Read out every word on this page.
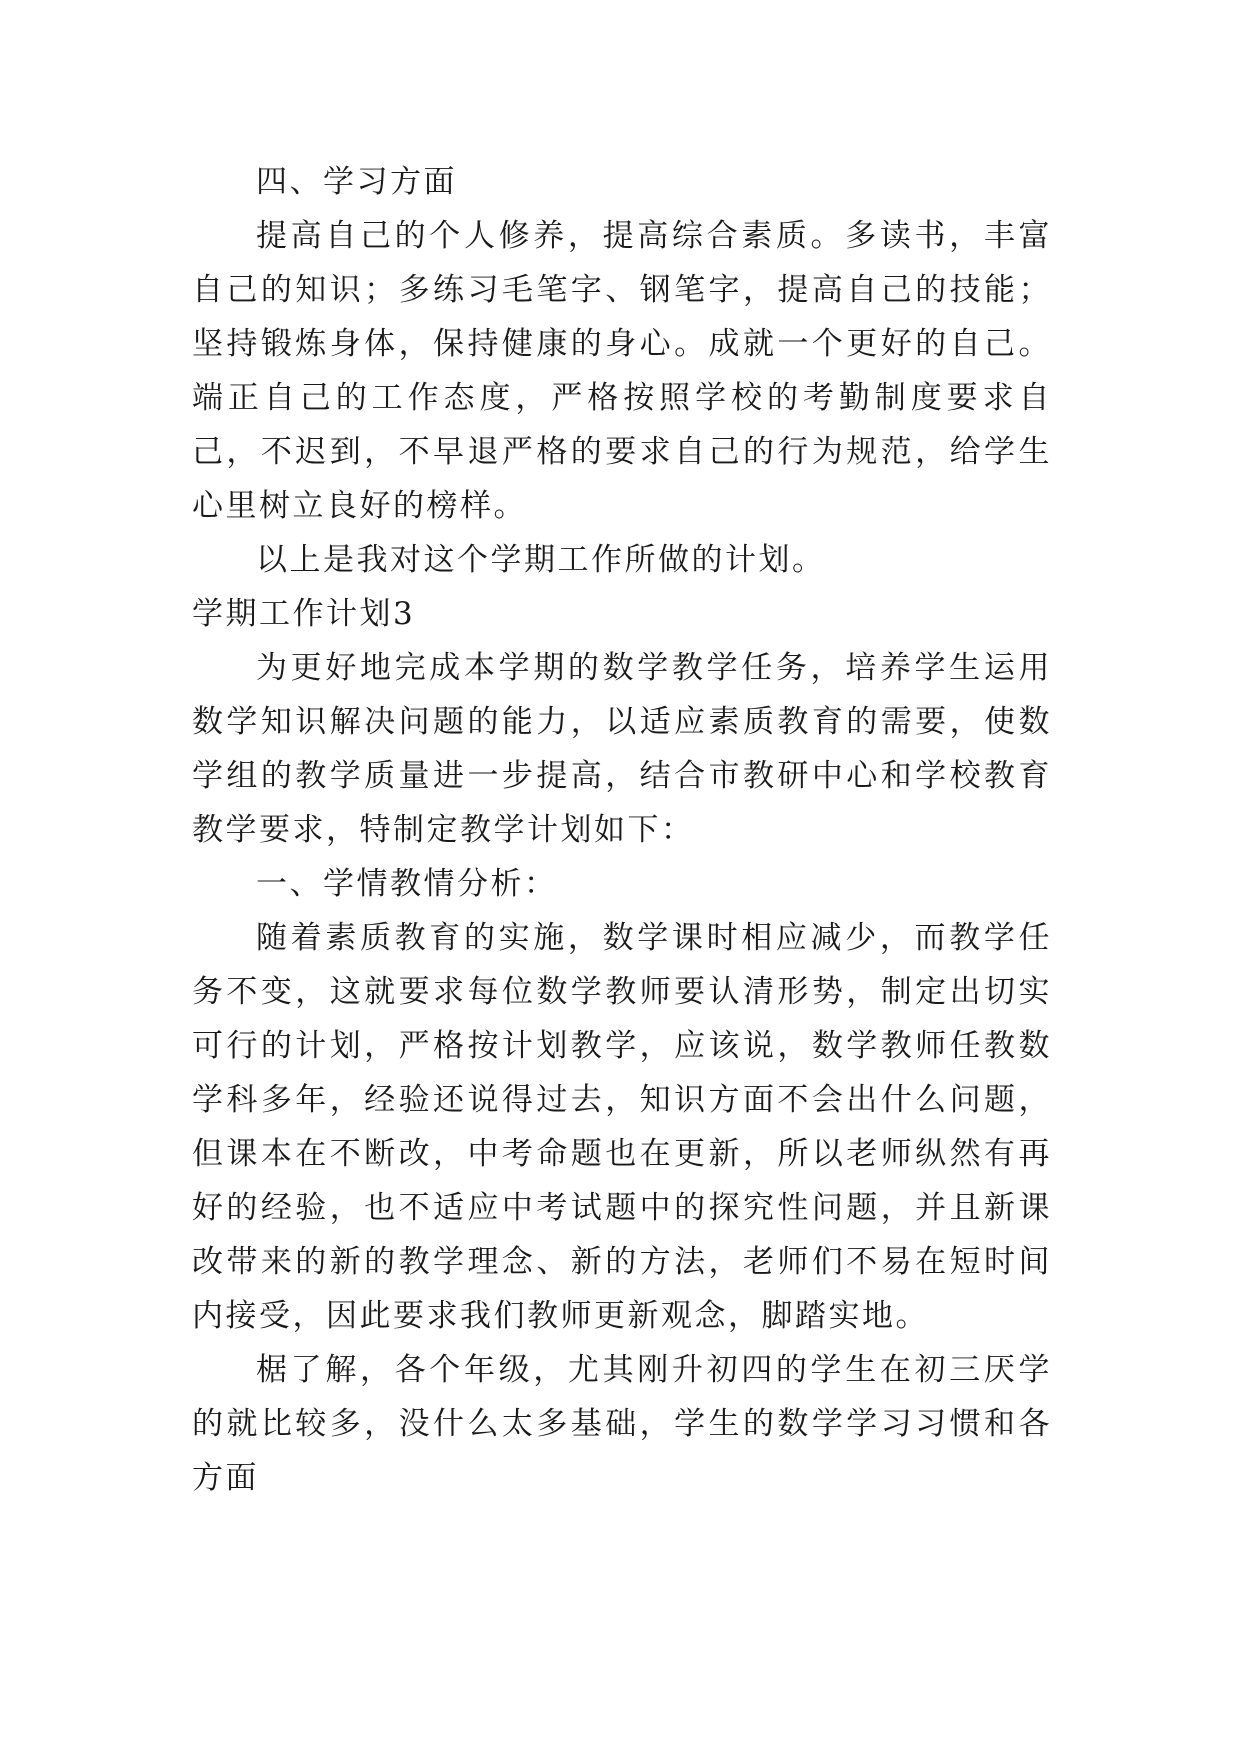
四、学习方面

提高自己的个人修养，提高综合素质。多读书，丰富自己的知识；多练习毛笔字、钢笔字，提高自己的技能；坚持锻炼身体，保持健康的身心。成就一个更好的自己。端正自己的工作态度，严格按照学校的考勤制度要求自己，不迟到，不早退严格的要求自己的行为规范，给学生心里树立良好的榜样。

以上是我对这个学期工作所做的计划。

学期工作计划3

为更好地完成本学期的数学教学任务，培养学生运用数学知识解决问题的能力，以适应素质教育的需要，使数学组的教学质量进一步提高，结合市教研中心和学校教育教学要求，特制定教学计划如下：

一、学情教情分析：

随着素质教育的实施，数学课时相应减少，而教学任务不变，这就要求每位数学教师要认清形势，制定出切实可行的计划，严格按计划教学，应该说，数学教师任教数学科多年，经验还说得过去，知识方面不会出什么问题，但课本在不断改，中考命题也在更新，所以老师纵然有再好的经验，也不适应中考试题中的探究性问题，并且新课改带来的新的教学理念、新的方法，老师们不易在短时间内接受，因此要求我们教师更新观念，脚踏实地。

椐了解，各个年级，尤其刚升初四的学生在初三厌学的就比较多，没什么太多基础，学生的数学学习习惯和各方面
